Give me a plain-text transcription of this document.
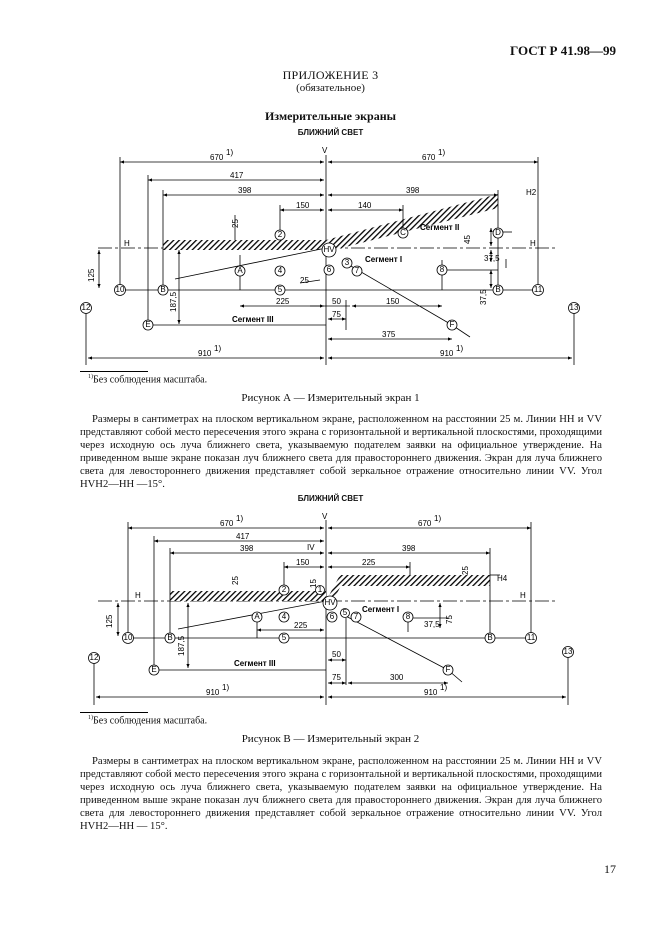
ГОСТ Р 41.98—99
ПРИЛОЖЕНИЕ 3
(обязательное)
Измерительные экраны
БЛИЖНИЙ СВЕТ
V
H	H
H2
670
1)
670
1)
417
398	398
150	140
25
45
37,5
37,5
125
187,5	225
25
50	150
75
375
910
1)
910
1)
Сегмент II
Сегмент I
Сегмент III
12	13
10	11
B	B
E	F
A	4
5
2	C	D
HV
6
3
7	8
$^{1)}$Без соблюдения масштаба.
Рисунок А — Измерительный экран 1

Размеры в сантиметрах на плоском вертикальном экране, расположенном на расстоянии 25 м. Линии HH и VV представляют собой место пересечения этого экрана с горизонтальной и вертикальной плоскостями, проходящими через исходную ось луча ближнего света, указываемую подателем заявки на официальное утверждение. На приведенном выше экране показан луч ближнего света для правостороннего движения. Экран для луча ближнего света для левостороннего движения представляет собой зеркальное отражение относительно линии VV. Угол HVH2—HH —15°.

БЛИЖНИЙ СВЕТ
V
H	H
H4
IV
670
1)
670
1)
417
398	398
150	225
25
25
15
37,5
75
125
187,5
225
50
75	300
910
1)
910
1)
Сегмент I
Сегмент III
12
13
10	11
B	B
E	F
A	4
5
2	1
HV
6 5 7	8
$^{1)}$Без соблюдения масштаба.
Рисунок В — Измерительный экран 2

Размеры в сантиметрах на плоском вертикальном экране, расположенном на расстоянии 25 м. Линии HH и VV представляют собой место пересечения этого экрана с горизонтальной и вертикальной плоскостями, проходящими через исходную ось луча ближнего света, указываемую подателем заявки на официальное утверждение. На приведенном выше экране показан луч ближнего света для правостороннего движения. Экран для луча ближнего света для левостороннего движения представляет собой зеркальное отражение относительно линии VV. Угол HVH2—HH — 15°.

17
